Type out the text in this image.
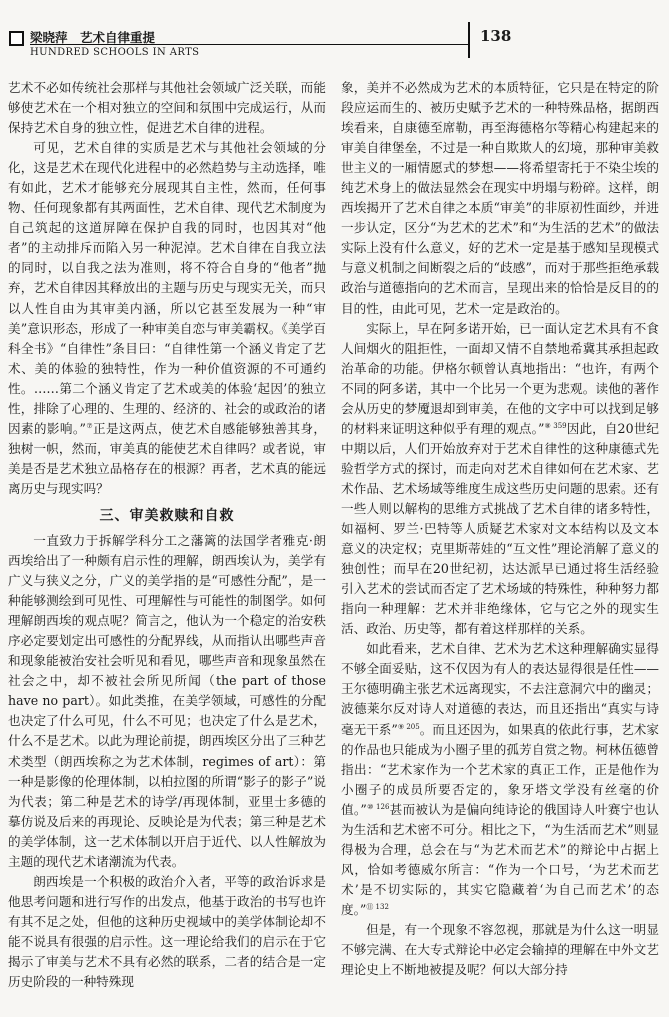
梁晓萍　艺术自律重提
HUNDRED SCHOOLS IN ARTS
138

艺术不必如传统社会那样与其他社会领域广泛关联，而能够使艺术在一个相对独立的空间和氛围中完成运行，从而保持艺术自身的独立性，促进艺术自律的进程。

可见，艺术自律的实质是艺术与其他社会领域的分化，这是艺术在现代化进程中的必然趋势与主动选择，唯有如此，艺术才能够充分展现其自主性，然而，任何事物、任何现象都有其两面性，艺术自律、现代艺术制度为自己筑起的这道屏障在保护自我的同时，也因其对“他者”的主动排斥而陷入另一种泥淖。艺术自律在自我立法的同时，以自我之法为准则，将不符合自身的“他者”抛弃，艺术自律因其释放出的主题与历史与现实无关，而只以人性自由为其审美内涵，所以它甚至发展为一种“审美”意识形态，形成了一种审美自恋与审美霸权。《美学百科全书》“自律性”条目曰：“自律性第一个涵义肯定了艺术、美的体验的独特性，作为一种价值资源的不可通约性。……第二个涵义肯定了艺术或美的体验‘起因’的独立性，排除了心理的、生理的、经济的、社会的或政治的诸因素的影响。”⑦正是这两点，使艺术自感能够独善其身，独树一帜，然而，审美真的能使艺术自律吗？或者说，审美是否是艺术独立品格存在的根源？再者，艺术真的能远离历史与现实吗？

三、审美救赎和自救

一直致力于拆解学科分工之藩篱的法国学者雅克·朗西埃给出了一种颇有启示性的理解，朗西埃认为，美学有广义与狭义之分，广义的美学指的是“可感性分配”，是一种能够测绘到可见性、可理解性与可能性的制图学。如何理解朗西埃的观点呢？简言之，他认为一个稳定的治安秩序必定要划定出可感性的分配界线，从而指认出哪些声音和现象能被治安社会听见和看见，哪些声音和现象虽然在社会之中，却不被社会所见所闻（the part of those have no part）。如此类推，在美学领域，可感性的分配也决定了什么可见，什么不可见；也决定了什么是艺术，什么不是艺术。以此为理论前提，朗西埃区分出了三种艺术类型（朗西埃称之为艺术体制，regimes of art）：第一种是影像的伦理体制，以柏拉图的所谓“影子的影子”说为代表；第二种是艺术的诗学/再现体制，亚里士多德的摹仿说及后来的再现论、反映论是为代表；第三种是艺术的美学体制，这一艺术体制以开启于近代、以人性解放为主题的现代艺术诸潮流为代表。

朗西埃是一个积极的政治介入者，平等的政治诉求是他思考问题和进行写作的出发点，他基于政治的书写也许有其不足之处，但他的这种历史视域中的美学体制论却不能不说具有很强的启示性。这一理论给我们的启示在于它揭示了审美与艺术不具有必然的联系，二者的结合是一定历史阶段的一种特殊现

象，美并不必然成为艺术的本质特征，它只是在特定的阶段应运而生的、被历史赋予艺术的一种特殊品格，据朗西埃看来，自康德至席勒，再至海德格尔等精心构建起来的审美自律堡垒，不过是一种自欺欺人的幻境，那种审美救世主义的一厢情愿式的梦想——将希望寄托于不染尘埃的纯艺术身上的做法显然会在现实中坍塌与粉碎。这样，朗西埃揭开了艺术自律之本质“审美”的非原初性面纱，并进一步认定，区分“为艺术的艺术”和“为生活的艺术”的做法实际上没有什么意义，好的艺术一定是基于感知呈现模式与意义机制之间断裂之后的“歧感”，而对于那些拒绝承载政治与道德指向的艺术而言，呈现出来的恰恰是反目的的目的性，由此可见，艺术一定是政治的。

实际上，早在阿多诺开始，已一面认定艺术具有不食人间烟火的阻拒性，一面却又情不自禁地希冀其承担起政治革命的功能。伊格尔顿曾认真地指出：“也许，有两个不同的阿多诺，其中一个比另一个更为悲观。读他的著作会从历史的梦魇退却到审美，在他的文字中可以找到足够的材料来证明这种似乎有理的观点。”$^{⑧ 359}$因此，自20世纪中期以后，人们开始放弃对于艺术自律性的这种康德式先验哲学方式的探讨，而走向对艺术自律如何在艺术家、艺术作品、艺术场域等维度生成这些历史问题的思索。还有一些人则以解构的思维方式挑战了艺术自律的诸多特性，如福柯、罗兰·巴特等人质疑艺术家对文本结构以及文本意义的决定权；克里斯蒂娃的“互文性”理论消解了意义的独创性；而早在20世纪初，达达派早已通过将生活经验引入艺术的尝试而否定了艺术场域的特殊性，种种努力都指向一种理解：艺术并非绝缘体，它与它之外的现实生活、政治、历史等，都有着这样那样的关系。

如此看来，艺术自律、艺术为艺术这种理解确实显得不够全面妥贴，这不仅因为有人的表达显得很是任性——王尔德明确主张艺术远离现实，不去注意洞穴中的幽灵；波德莱尔反对诗人对道德的表达，而且还指出“真实与诗毫无干系”$^{⑨ 205}$。而且还因为，如果真的依此行事，艺术家的作品也只能成为小圈子里的孤芳自赏之物。柯林伍德曾指出：“艺术家作为一个艺术家的真正工作，正是他作为小圈子的成员所要否定的，象牙塔文学没有丝毫的价值。”$^{⑩ 126}$甚而被认为是偏向纯诗论的俄国诗人叶赛宁也认为生活和艺术密不可分。相比之下，“为生活而艺术”则显得极为合理，总会在与“为艺术而艺术”的辩论中占据上风，恰如考德威尔所言：“作为一个口号，‘为艺术而艺术’是不切实际的，其实它隐藏着‘为自己而艺术’的态度。”$^{⑪ 132}$

但是，有一个现象不容忽视，那就是为什么这一明显不够完满、在大专式辩论中必定会输掉的理解在中外文艺理论史上不断地被提及呢？何以大部分持
